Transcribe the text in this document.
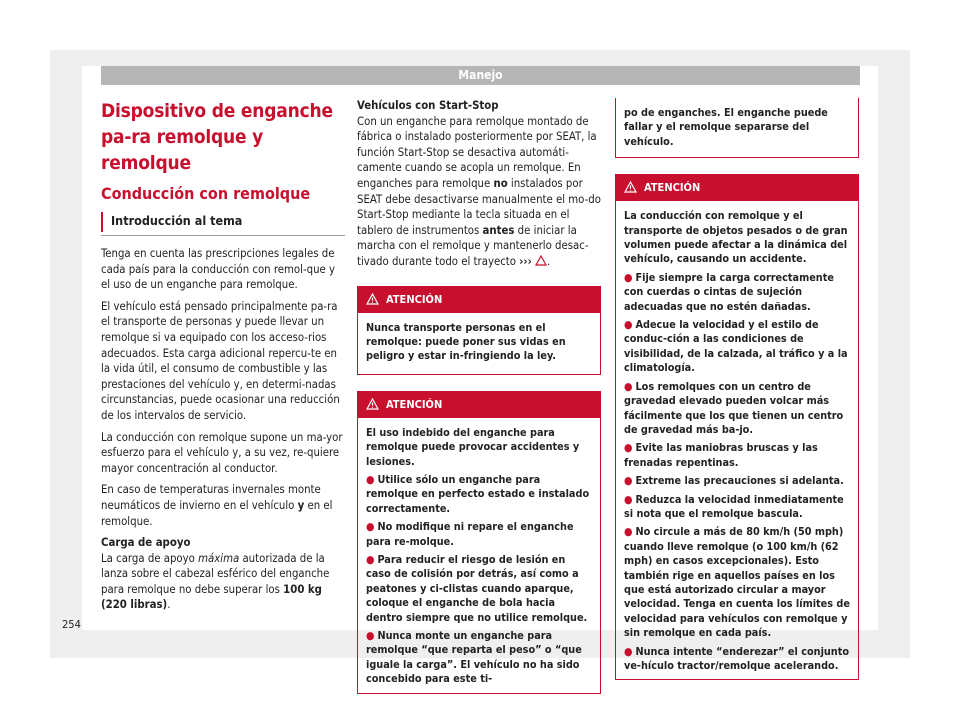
Manejo
Dispositivo de enganche pa-ra remolque y remolque
Conducción con remolque
Introducción al tema

Tenga en cuenta las prescripciones legales de cada país para la conducción con remol-que y el uso de un enganche para remolque.

El vehículo está pensado principalmente pa-ra el transporte de personas y puede llevar un remolque si va equipado con los acceso-rios adecuados. Esta carga adicional repercu-te en la vida útil, el consumo de combustible y las prestaciones del vehículo y, en determi-nadas circunstancias, puede ocasionar una reducción de los intervalos de servicio.

La conducción con remolque supone un ma-yor esfuerzo para el vehículo y, a su vez, re-quiere mayor concentración al conductor.

En caso de temperaturas invernales monte neumáticos de invierno en el vehículo y en el remolque.

Carga de apoyo

La carga de apoyo máxima autorizada de la lanza sobre el cabezal esférico del enganche para remolque no debe superar los 100 kg (220 libras).

Vehículos con Start-Stop

Con un enganche para remolque montado de fábrica o instalado posteriormente por SEAT, la función Start-Stop se desactiva automáti-camente cuando se acopla un remolque. En enganches para remolque no instalados por SEAT debe desactivarse manualmente el mo-do Start-Stop mediante la tecla situada en el tablero de instrumentos antes de iniciar la marcha con el remolque y mantenerlo desac-tivado durante todo el trayecto ››› .

ATENCIÓN

Nunca transporte personas en el remolque: puede poner sus vidas en peligro y estar in-fringiendo la ley.

ATENCIÓN

El uso indebido del enganche para remolque puede provocar accidentes y lesiones.

● Utilice sólo un enganche para remolque en perfecto estado e instalado correctamente.

● No modifique ni repare el enganche para re-molque.

● Para reducir el riesgo de lesión en caso de colisión por detrás, así como a peatones y ci-clistas cuando aparque, coloque el enganche de bola hacia dentro siempre que no utilice remolque.

● Nunca monte un enganche para remolque “que reparta el peso” o “que iguale la carga”. El vehículo no ha sido concebido para este ti-

po de enganches. El enganche puede fallar y el remolque separarse del vehículo.

ATENCIÓN

La conducción con remolque y el transporte de objetos pesados o de gran volumen puede afectar a la dinámica del vehículo, causando un accidente.

● Fije siempre la carga correctamente con cuerdas o cintas de sujeción adecuadas que no estén dañadas.

● Adecue la velocidad y el estilo de conduc-ción a las condiciones de visibilidad, de la calzada, al tráfico y a la climatología.

● Los remolques con un centro de gravedad elevado pueden volcar más fácilmente que los que tienen un centro de gravedad más ba-jo.

● Evite las maniobras bruscas y las frenadas repentinas.

● Extreme las precauciones si adelanta.

● Reduzca la velocidad inmediatamente si nota que el remolque bascula.

● No circule a más de 80 km/h (50 mph) cuando lleve remolque (o 100 km/h (62 mph) en casos excepcionales). Esto también rige en aquellos países en los que está autorizado circular a mayor velocidad. Tenga en cuenta los límites de velocidad para vehículos con remolque y sin remolque en cada país.

● Nunca intente “enderezar” el conjunto ve-hículo tractor/remolque acelerando.

254
